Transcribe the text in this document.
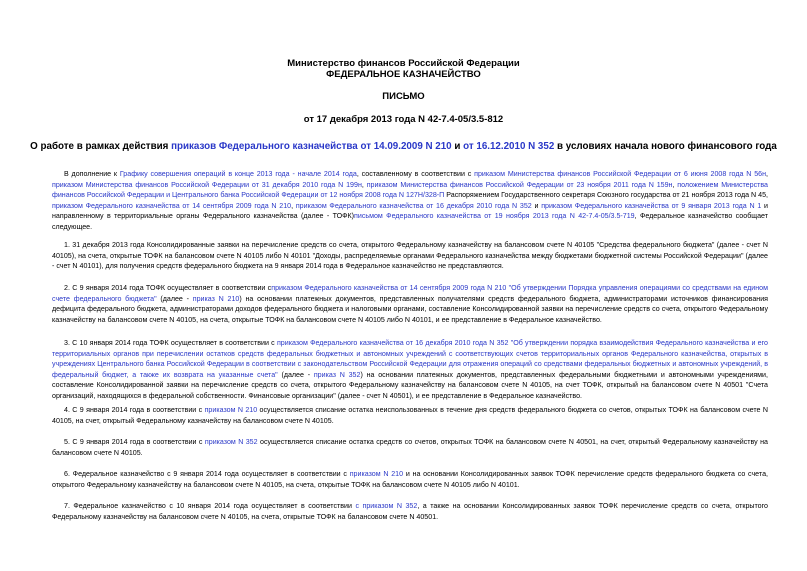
Министерство финансов Российской Федерации
ФЕДЕРАЛЬНОЕ КАЗНАЧЕЙСТВО
ПИСЬМО
от 17 декабря 2013 года N 42-7.4-05/3.5-812
О работе в рамках действия приказов Федерального казначейства от 14.09.2009 N 210 и от 16.12.2010 N 352 в условиях начала нового финансового года

В дополнение к Графику совершения операций в конце 2013 года - начале 2014 года, составленному в соответствии с приказом Министерства финансов Российской Федерации от 6 июня 2008 года N 56н, приказом Министерства финансов Российской Федерации от 31 декабря 2010 года N 199н, приказом Министерства финансов Российской Федерации от 23 ноября 2011 года N 159н, положением Министерства финансов Российской Федерации и Центрального банка Российской Федерации от 12 ноября 2008 года N 127Н/328-П Распоряжением Государственного секретаря Союзного государства от 21 ноября 2013 года N 45, приказом Федерального казначейства от 14 сентября 2009 года N 210, приказом Федерального казначейства от 16 декабря 2010 года N 352 и приказом Федерального казначейства от 9 января 2013 года N 1 и направленному в территориальные органы Федерального казначейства (далее - ТОФК)письмом Федерального казначейства от 19 ноября 2013 года N 42-7.4-05/3.5-719, Федеральное казначейство сообщает следующее.

1. 31 декабря 2013 года Консолидированные заявки на перечисление средств со счета, открытого Федеральному казначейству на балансовом счете N 40105 "Средства федерального бюджета" (далее - счет N 40105), на счета, открытые ТОФК на балансовом счете N 40105 либо N 40101 "Доходы, распределяемые органами Федерального казначейства между бюджетами бюджетной системы Российской Федерации" (далее - счет N 40101), для получения средств федерального бюджета на 9 января 2014 года в Федеральное казначейство не представляются.

2. С 9 января 2014 года ТОФК осуществляет в соответствии сприказом Федерального казначейства от 14 сентября 2009 года N 210 "Об утверждении Порядка управления операциями со средствами на едином счете федерального бюджета" (далее - приказ N 210) на основании платежных документов, представленных получателями средств федерального бюджета, администраторами источников финансирования дефицита федерального бюджета, администраторами доходов федерального бюджета и налоговыми органами, составление Консолидированной заявки на перечисление средств со счета, открытого Федеральному казначейству на балансовом счете N 40105, на счета, открытые ТОФК на балансовом счете N 40105 либо N 40101, и ее представление в Федеральное казначейство.

3. С 10 января 2014 года ТОФК осуществляет в соответствии с приказом Федерального казначейства от 16 декабря 2010 года N 352 "Об утверждении порядка взаимодействия Федерального казначейства и его территориальных органов при перечислении остатков средств федеральных бюджетных и автономных учреждений с соответствующих счетов территориальных органов Федерального казначейства, открытых в учреждениях Центрального банка Российской Федерации в соответствии с законодательством Российской Федерации для отражения операций со средствами федеральных бюджетных и автономных учреждений, в федеральный бюджет, а также их возврата на указанные счета" (далее - приказ N 352) на основании платежных документов, представленных федеральными бюджетными и автономными учреждениями, составление Консолидированной заявки на перечисление средств со счета, открытого Федеральному казначейству на балансовом счете N 40105, на счет ТОФК, открытый на балансовом счете N 40501 "Счета организаций, находящихся в федеральной собственности. Финансовые организации" (далее - счет N 40501), и ее представление в Федеральное казначейство.

4. С 9 января 2014 года в соответствии с приказом N 210 осуществляется списание остатка неиспользованных в течение дня средств федерального бюджета со счетов, открытых ТОФК на балансовом счете N 40105, на счет, открытый Федеральному казначейству на балансовом счете N 40105.

5. С 9 января 2014 года в соответствии с приказом N 352 осуществляется списание остатка средств со счетов, открытых ТОФК на балансовом счете N 40501, на счет, открытый Федеральному казначейству на балансовом счете N 40105.

6. Федеральное казначейство с 9 января 2014 года осуществляет в соответствии с приказом N 210 и на основании Консолидированных заявок ТОФК перечисление средств федерального бюджета со счета, открытого Федеральному казначейству на балансовом счете N 40105, на счета, открытые ТОФК на балансовом счете N 40105 либо N 40101.

7. Федеральное казначейство с 10 января 2014 года осуществляет в соответствии с приказом N 352, а также на основании Консолидированных заявок ТОФК перечисление средств со счета, открытого Федеральному казначейству на балансовом счете N 40105, на счета, открытые ТОФК на балансовом счете N 40501.
